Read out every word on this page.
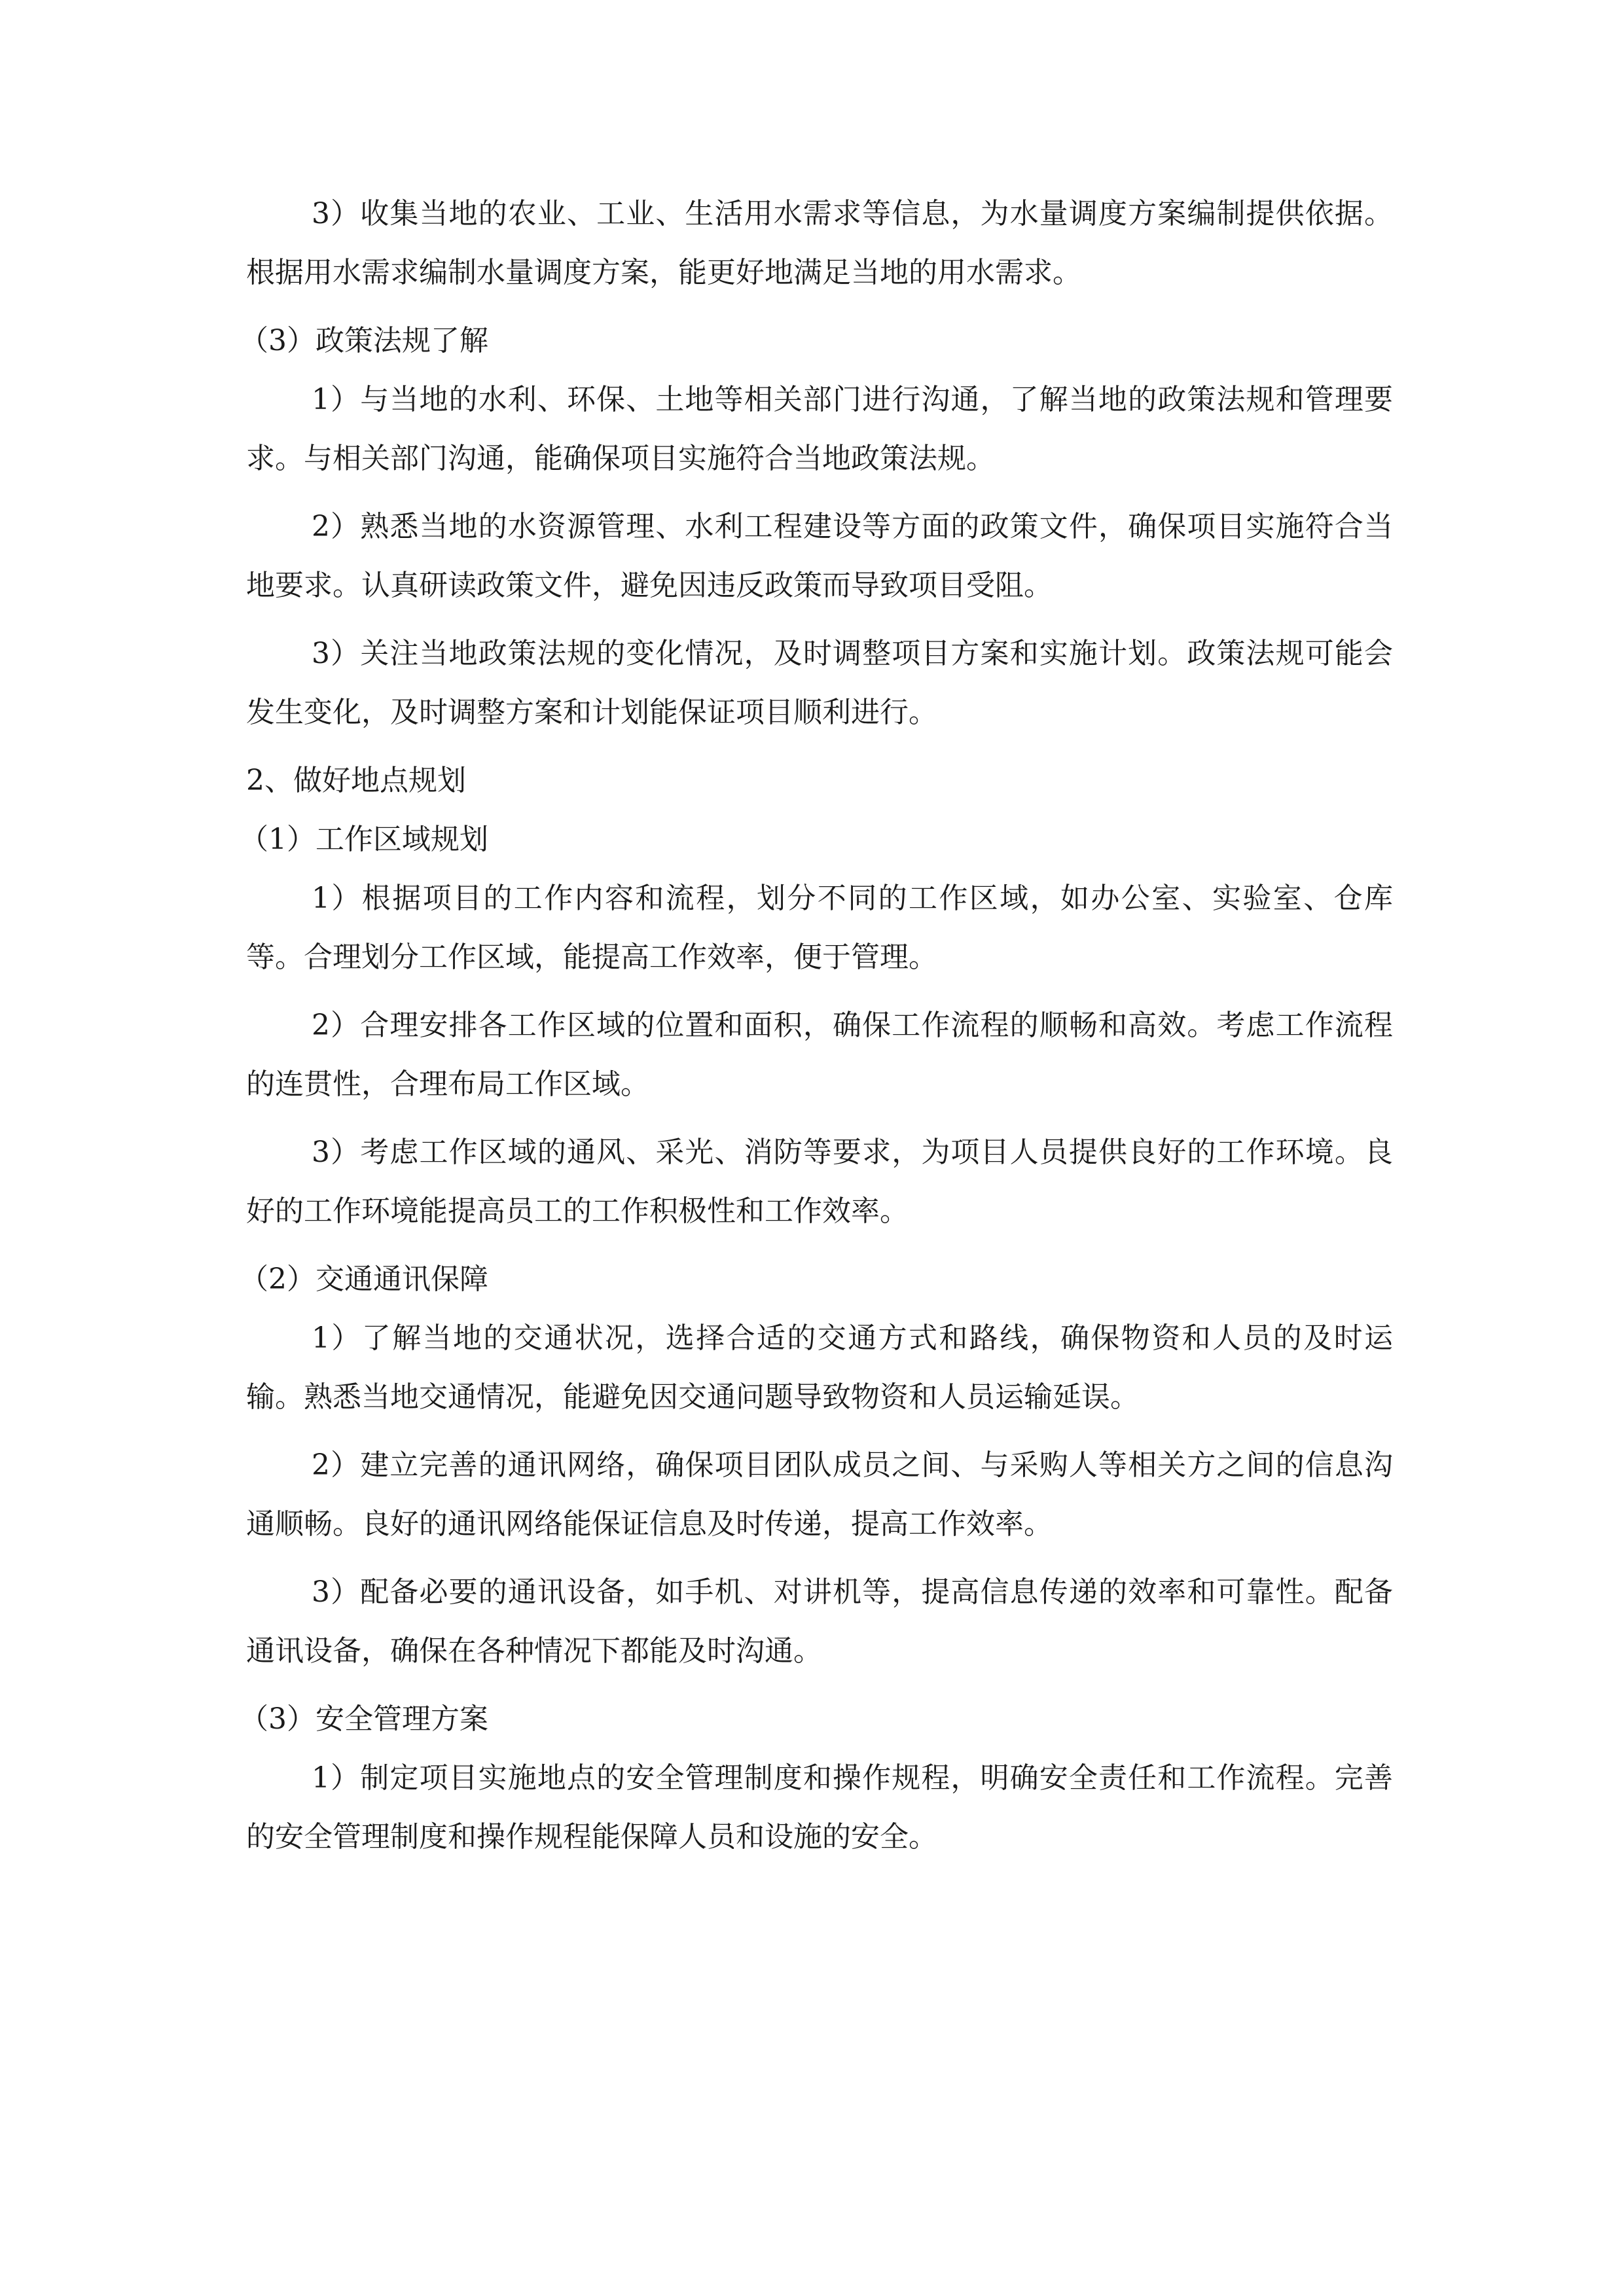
3）收集当地的农业、工业、生活用水需求等信息，为水量调度方案编制提供依据。根据用水需求编制水量调度方案，能更好地满足当地的用水需求。

（3）政策法规了解

1）与当地的水利、环保、土地等相关部门进行沟通，了解当地的政策法规和管理要求。与相关部门沟通，能确保项目实施符合当地政策法规。

2）熟悉当地的水资源管理、水利工程建设等方面的政策文件，确保项目实施符合当地要求。认真研读政策文件，避免因违反政策而导致项目受阻。

3）关注当地政策法规的变化情况，及时调整项目方案和实施计划。政策法规可能会发生变化，及时调整方案和计划能保证项目顺利进行。

2、做好地点规划

（1）工作区域规划

1）根据项目的工作内容和流程，划分不同的工作区域，如办公室、实验室、仓库等。合理划分工作区域，能提高工作效率，便于管理。

2）合理安排各工作区域的位置和面积，确保工作流程的顺畅和高效。考虑工作流程的连贯性，合理布局工作区域。

3）考虑工作区域的通风、采光、消防等要求，为项目人员提供良好的工作环境。良好的工作环境能提高员工的工作积极性和工作效率。

（2）交通通讯保障

1）了解当地的交通状况，选择合适的交通方式和路线，确保物资和人员的及时运输。熟悉当地交通情况，能避免因交通问题导致物资和人员运输延误。

2）建立完善的通讯网络，确保项目团队成员之间、与采购人等相关方之间的信息沟通顺畅。良好的通讯网络能保证信息及时传递，提高工作效率。

3）配备必要的通讯设备，如手机、对讲机等，提高信息传递的效率和可靠性。配备通讯设备，确保在各种情况下都能及时沟通。

（3）安全管理方案

1）制定项目实施地点的安全管理制度和操作规程，明确安全责任和工作流程。完善的安全管理制度和操作规程能保障人员和设施的安全。
